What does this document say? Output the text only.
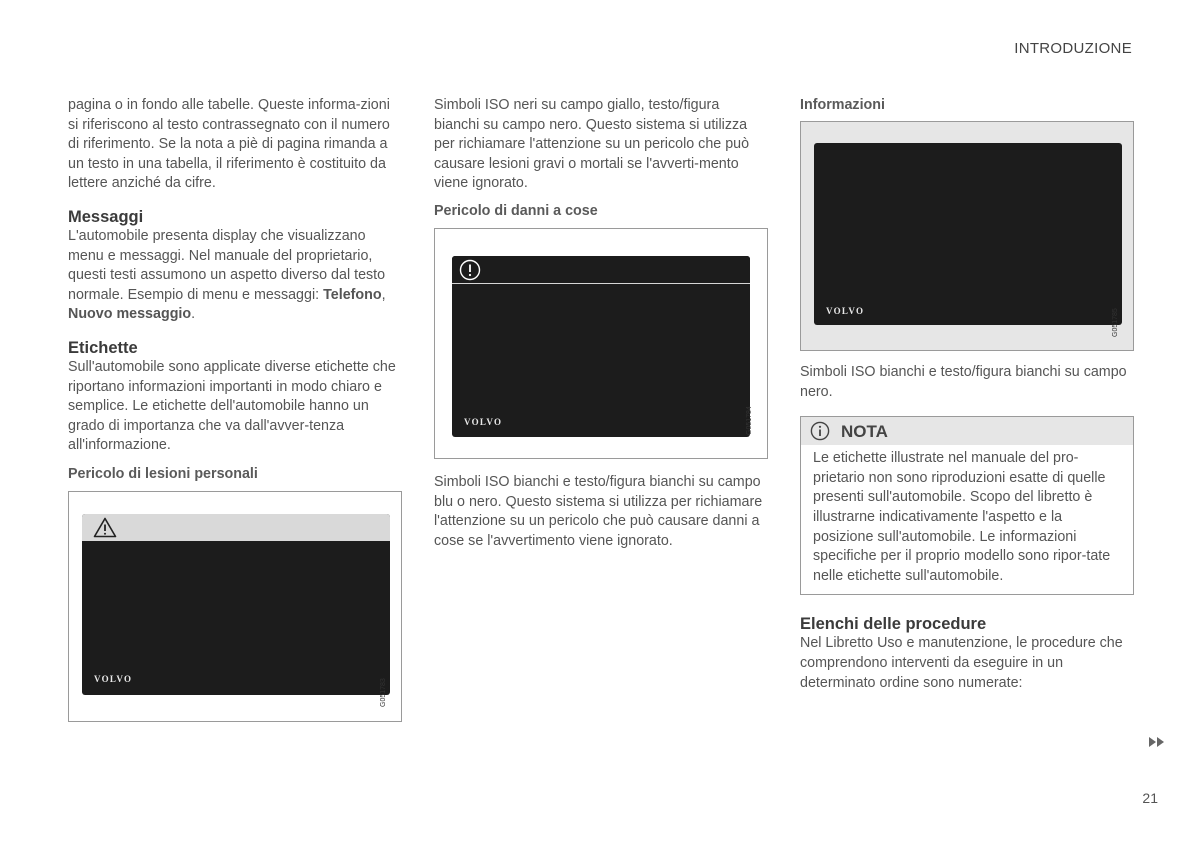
INTRODUZIONE

pagina o in fondo alle tabelle. Queste informa-zioni si riferiscono al testo contrassegnato con il numero di riferimento. Se la nota a piè di pagina rimanda a un testo in una tabella, il riferimento è costituito da lettere anziché da cifre.

Messaggi

L'automobile presenta display che visualizzano menu e messaggi. Nel manuale del proprietario, questi testi assumono un aspetto diverso dal testo normale. Esempio di menu e messaggi: Telefono, Nuovo messaggio.

Etichette

Sull'automobile sono applicate diverse etichette che riportano informazioni importanti in modo chiaro e semplice. Le etichette dell'automobile hanno un grado di importanza che va dall'avver-tenza all'informazione.

Pericolo di lesioni personali
VOLVO	G051783

Simboli ISO neri su campo giallo, testo/figura bianchi su campo nero. Questo sistema si utilizza per richiamare l'attenzione su un pericolo che può causare lesioni gravi o mortali se l'avverti-mento viene ignorato.

Pericolo di danni a cose
VOLVO	G051784

Simboli ISO bianchi e testo/figura bianchi su campo blu o nero. Questo sistema si utilizza per richiamare l'attenzione su un pericolo che può causare danni a cose se l'avvertimento viene ignorato.

Informazioni
VOLVO	G051785

Simboli ISO bianchi e testo/figura bianchi su campo nero.

NOTA

Le etichette illustrate nel manuale del pro-prietario non sono riproduzioni esatte di quelle presenti sull'automobile. Scopo del libretto è illustrarne indicativamente l'aspetto e la posizione sull'automobile. Le informazioni specifiche per il proprio modello sono ripor-tate nelle etichette sull'automobile.

Elenchi delle procedure

Nel Libretto Uso e manutenzione, le procedure che comprendono interventi da eseguire in un determinato ordine sono numerate:

21
